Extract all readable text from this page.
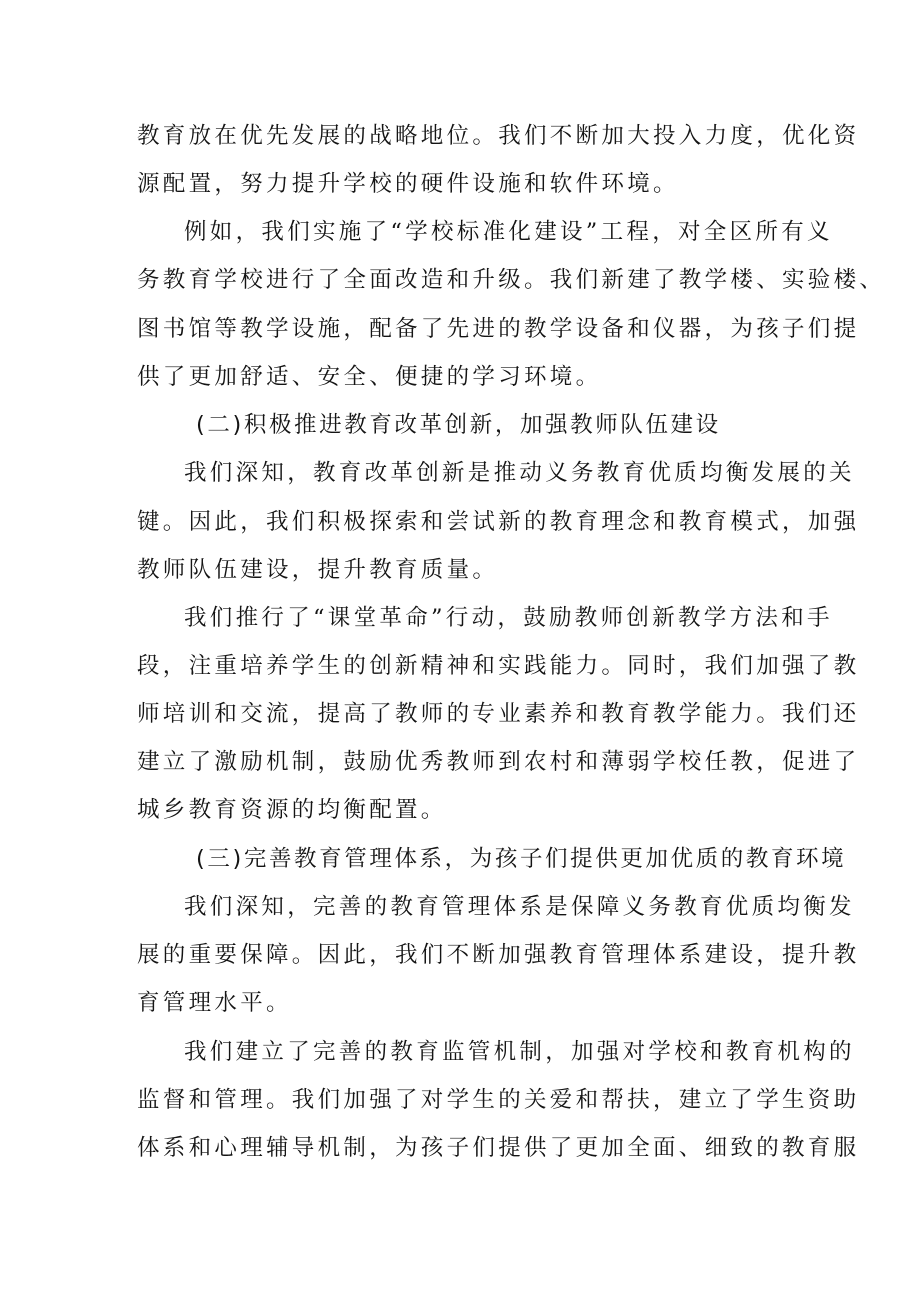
教育放在优先发展的战略地位。我们不断加大投入力度，优化资
源配置，努力提升学校的硬件设施和软件环境。
例如，我们实施了“学校标准化建设”工程，对全区所有义
务教育学校进行了全面改造和升级。我们新建了教学楼、实验楼、
图书馆等教学设施，配备了先进的教学设备和仪器，为孩子们提
供了更加舒适、安全、便捷的学习环境。
(二)积极推进教育改革创新，加强教师队伍建设
我们深知，教育改革创新是推动义务教育优质均衡发展的关
键。因此，我们积极探索和尝试新的教育理念和教育模式，加强
教师队伍建设，提升教育质量。
我们推行了“课堂革命”行动，鼓励教师创新教学方法和手
段，注重培养学生的创新精神和实践能力。同时，我们加强了教
师培训和交流，提高了教师的专业素养和教育教学能力。我们还
建立了激励机制，鼓励优秀教师到农村和薄弱学校任教，促进了
城乡教育资源的均衡配置。
(三)完善教育管理体系，为孩子们提供更加优质的教育环境
我们深知，完善的教育管理体系是保障义务教育优质均衡发
展的重要保障。因此，我们不断加强教育管理体系建设，提升教
育管理水平。
我们建立了完善的教育监管机制，加强对学校和教育机构的
监督和管理。我们加强了对学生的关爱和帮扶，建立了学生资助
体系和心理辅导机制，为孩子们提供了更加全面、细致的教育服
